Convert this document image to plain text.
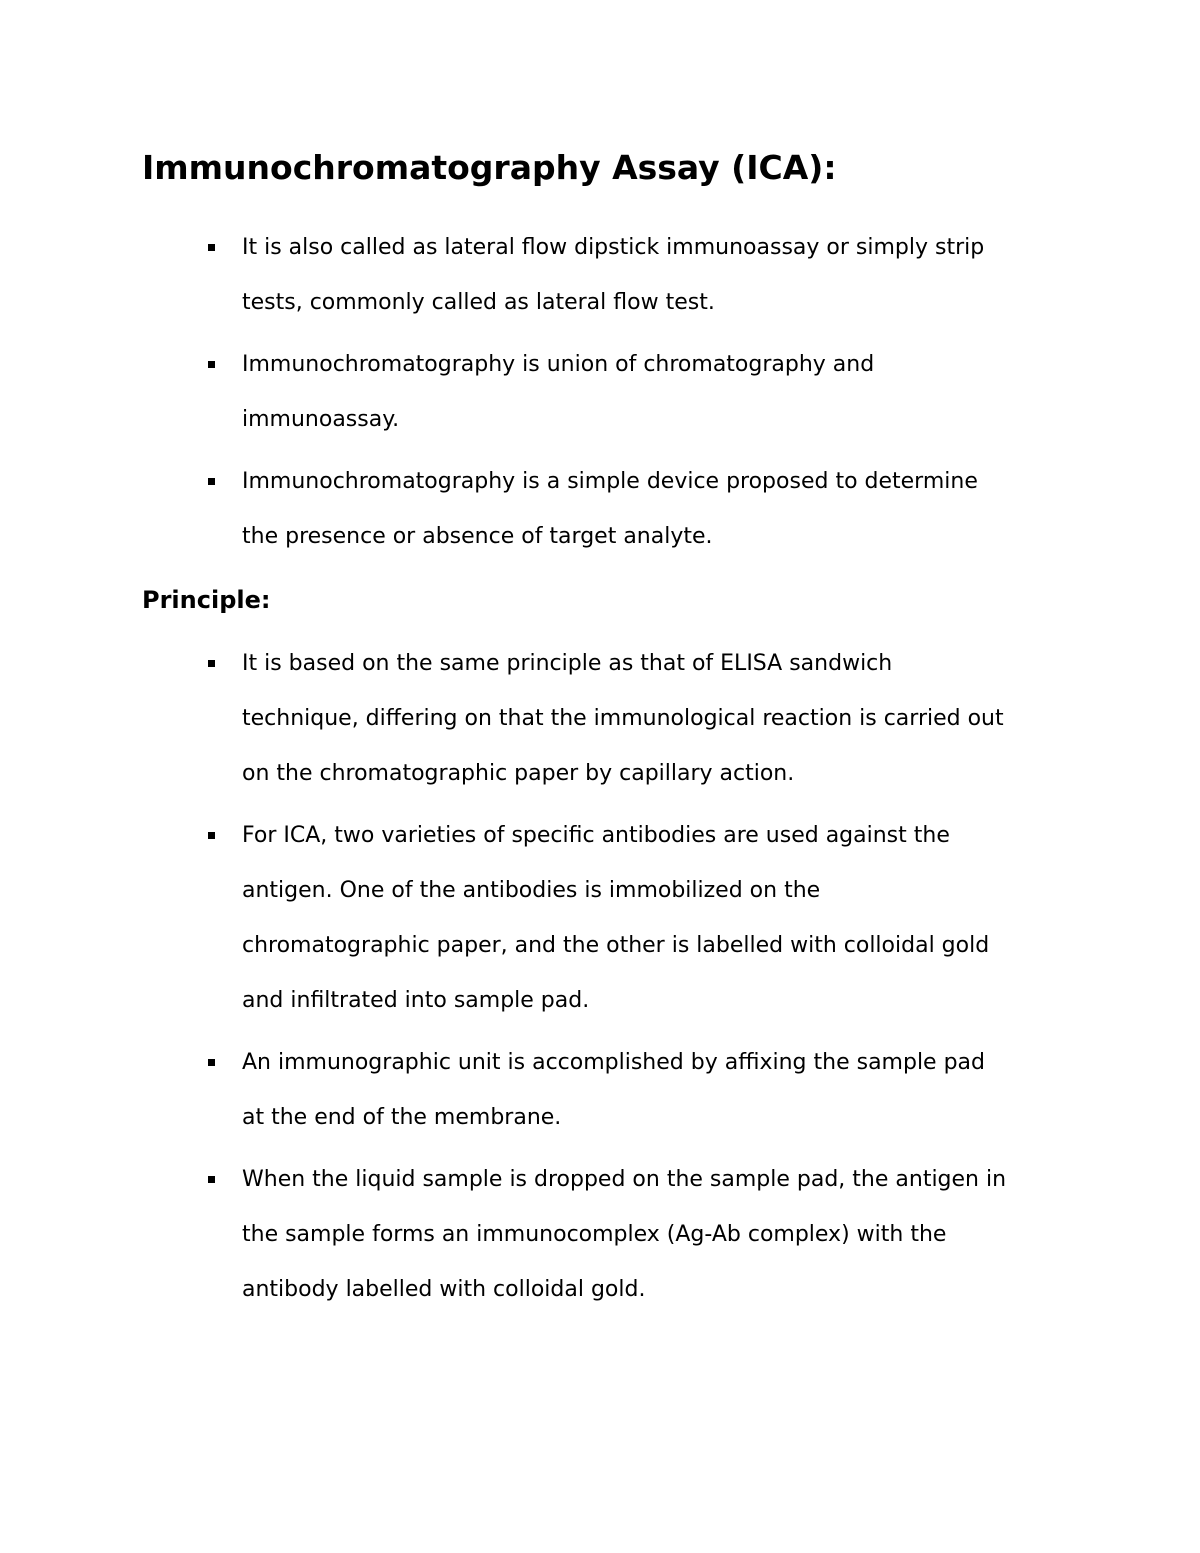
Immunochromatography Assay (ICA):
It is also called as lateral flow dipstick immunoassay or simply strip
tests, commonly called as lateral flow test.
Immunochromatography is union of chromatography and
immunoassay.
Immunochromatography is a simple device proposed to determine
the presence or absence of target analyte.
Principle:
It is based on the same principle as that of ELISA sandwich
technique, differing on that the immunological reaction is carried out
on the chromatographic paper by capillary action.
For ICA, two varieties of specific antibodies are used against the
antigen. One of the antibodies is immobilized on the
chromatographic paper, and the other is labelled with colloidal gold
and infiltrated into sample pad.
An immunographic unit is accomplished by affixing the sample pad
at the end of the membrane.
When the liquid sample is dropped on the sample pad, the antigen in
the sample forms an immunocomplex (Ag-Ab complex) with the
antibody labelled with colloidal gold.
